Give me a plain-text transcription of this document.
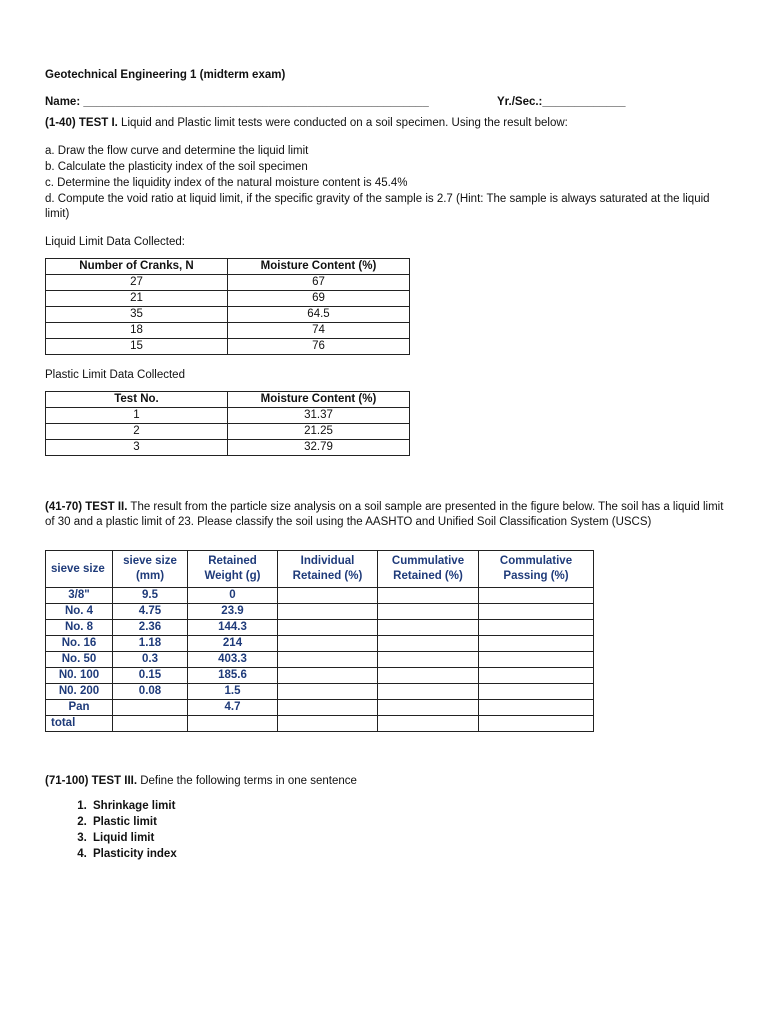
Geotechnical Engineering 1 (midterm exam)
Name: ______________________________________________________	Yr./Sec.:_____________
(1-40) TEST I. Liquid and Plastic limit tests were conducted on a soil specimen. Using the result below:
a. Draw the flow curve and determine the liquid limit
b. Calculate the plasticity index of the soil specimen
c. Determine the liquidity index of the natural moisture content is 45.4%
d. Compute the void ratio at liquid limit, if the specific gravity of the sample is 2.7 (Hint: The sample is always saturated at the liquid limit)
Liquid Limit Data Collected:
Number of Cranks, N	Moisture Content (%)
27	67
21	69
35	64.5
18	74
15	76
Plastic Limit Data Collected
Test No.	Moisture Content (%)
1	31.37
2	21.25
3	32.79
(41-70) TEST II. The result from the particle size analysis on a soil sample are presented in the figure below. The soil has a liquid limit of 30 and a plastic limit of 23. Please classify the soil using the AASHTO and Unified Soil Classification System (USCS)
sieve size	sieve size (mm)	Retained Weight (g)	Individual Retained (%)	Cummulative Retained (%)	Commulative Passing (%)
3/8"	9.5	0			
No. 4	4.75	23.9			
No. 8	2.36	144.3			
No. 16	1.18	214			
No. 50	0.3	403.3			
N0. 100	0.15	185.6			
N0. 200	0.08	1.5			
Pan		4.7			
total					
(71-100) TEST III. Define the following terms in one sentence
1. Shrinkage limit
2. Plastic limit
3. Liquid limit
4. Plasticity index
